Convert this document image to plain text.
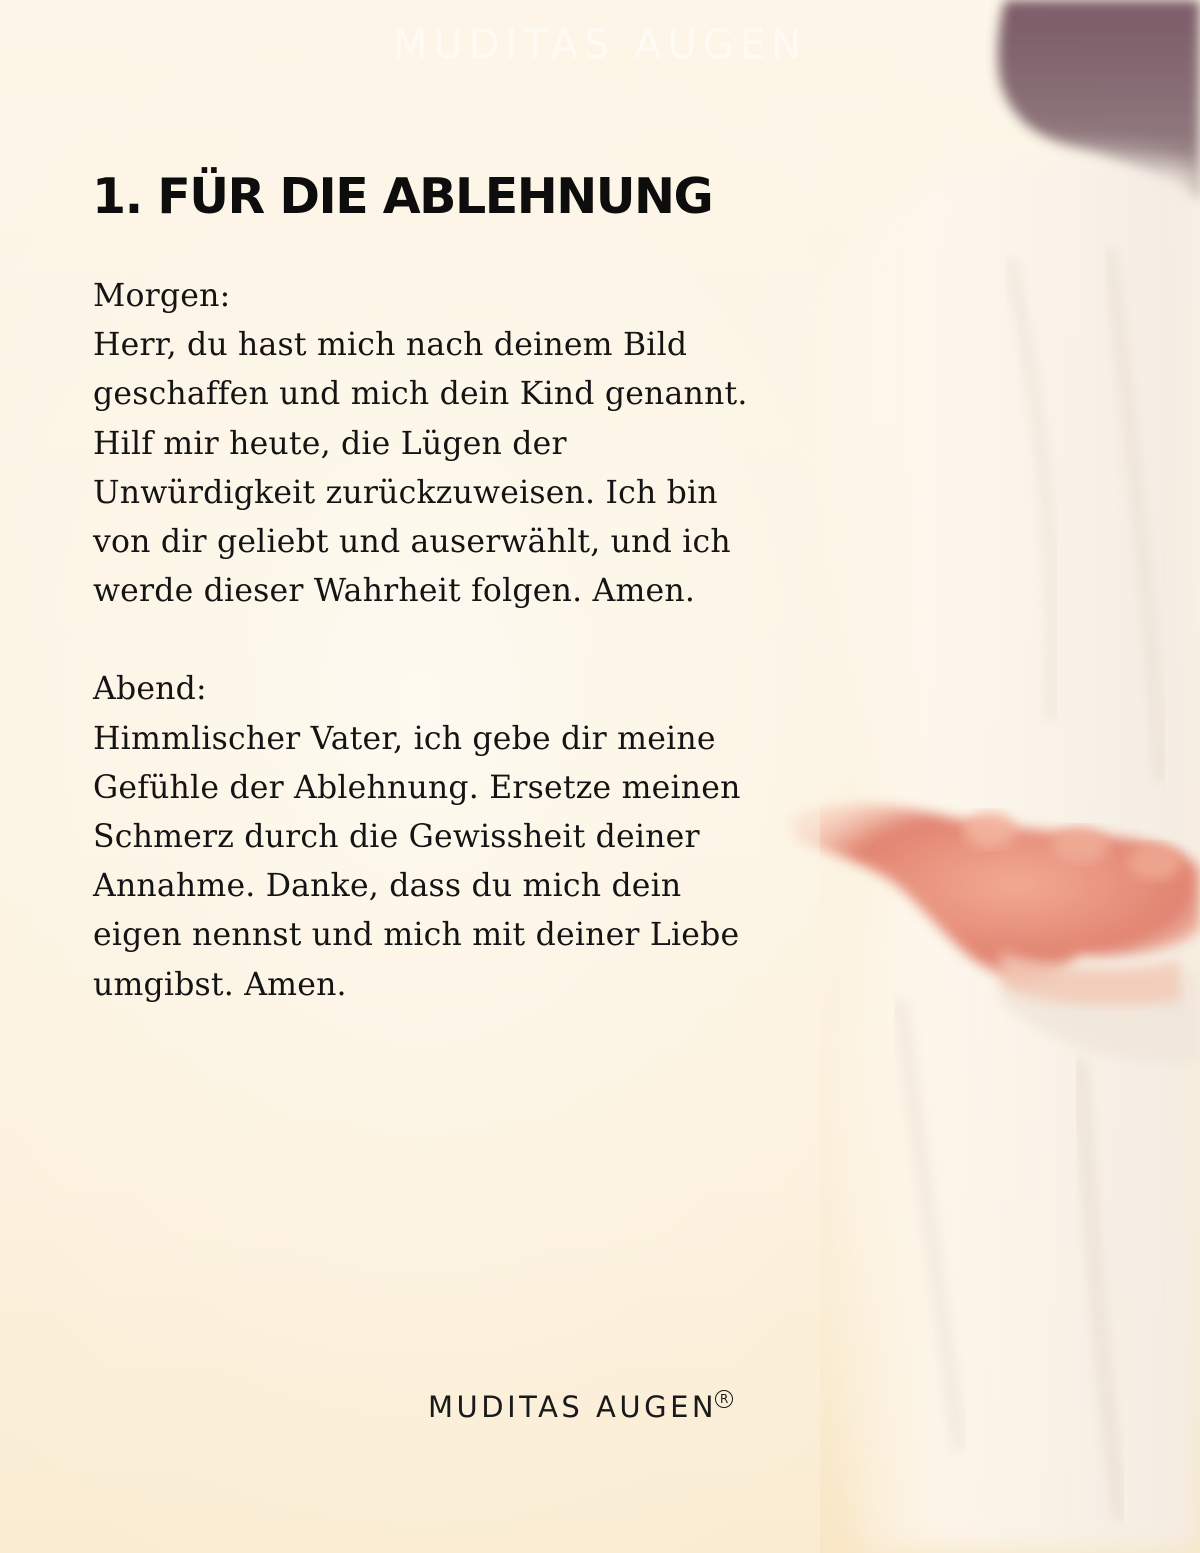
MUDITAS AUGEN
1. FÜR DIE ABLEHNUNG
Morgen:
Herr, du hast mich nach deinem Bild
geschaffen und mich dein Kind genannt.
Hilf mir heute, die Lügen der
Unwürdigkeit zurückzuweisen. Ich bin
von dir geliebt und auserwählt, und ich
werde dieser Wahrheit folgen. Amen.
Abend:
Himmlischer Vater, ich gebe dir meine
Gefühle der Ablehnung. Ersetze meinen
Schmerz durch die Gewissheit deiner
Annahme. Danke, dass du mich dein
eigen nennst und mich mit deiner Liebe
umgibst. Amen.
MUDITAS AUGEN R
